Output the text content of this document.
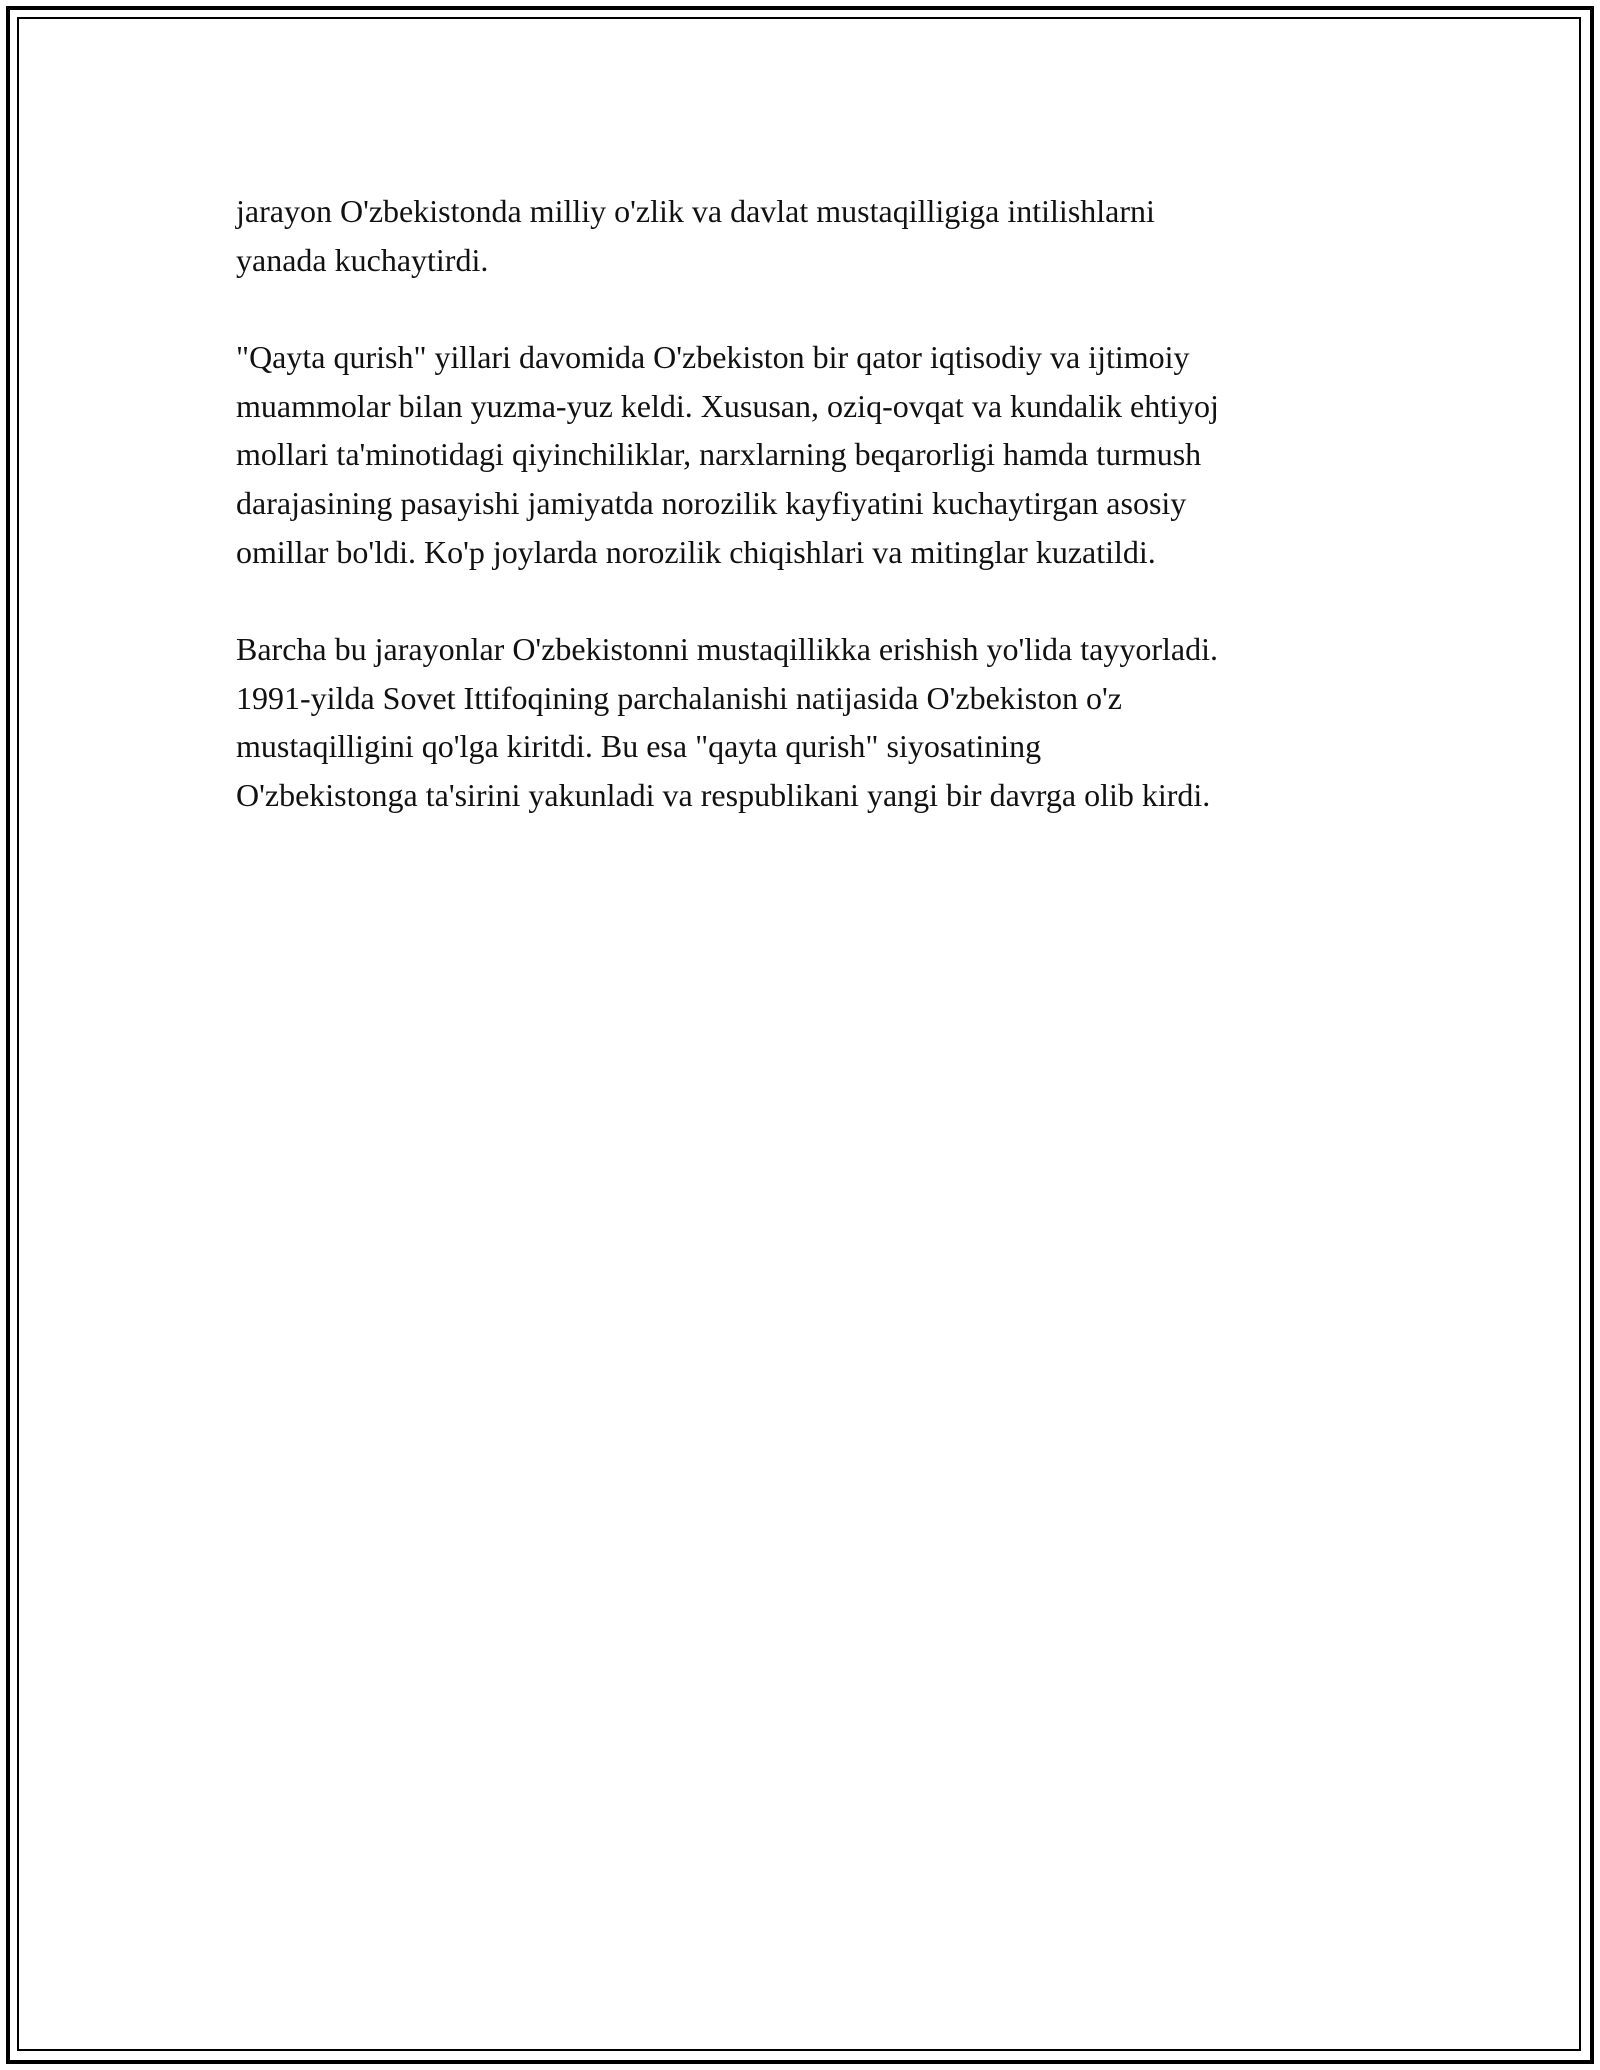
jarayon O'zbekistonda milliy o'zlik va davlat mustaqilligiga intilishlarni
yanada kuchaytirdi.

"Qayta qurish" yillari davomida O'zbekiston bir qator iqtisodiy va ijtimoiy
muammolar bilan yuzma-yuz keldi. Xususan, oziq-ovqat va kundalik ehtiyoj
mollari ta'minotidagi qiyinchiliklar, narxlarning beqarorligi hamda turmush
darajasining pasayishi jamiyatda norozilik kayfiyatini kuchaytirgan asosiy
omillar bo'ldi. Ko'p joylarda norozilik chiqishlari va mitinglar kuzatildi.

Barcha bu jarayonlar O'zbekistonni mustaqillikka erishish yo'lida tayyorladi.
1991-yilda Sovet Ittifoqining parchalanishi natijasida O'zbekiston o'z
mustaqilligini qo'lga kiritdi. Bu esa "qayta qurish" siyosatining
O'zbekistonga ta'sirini yakunladi va respublikani yangi bir davrga olib kirdi.
